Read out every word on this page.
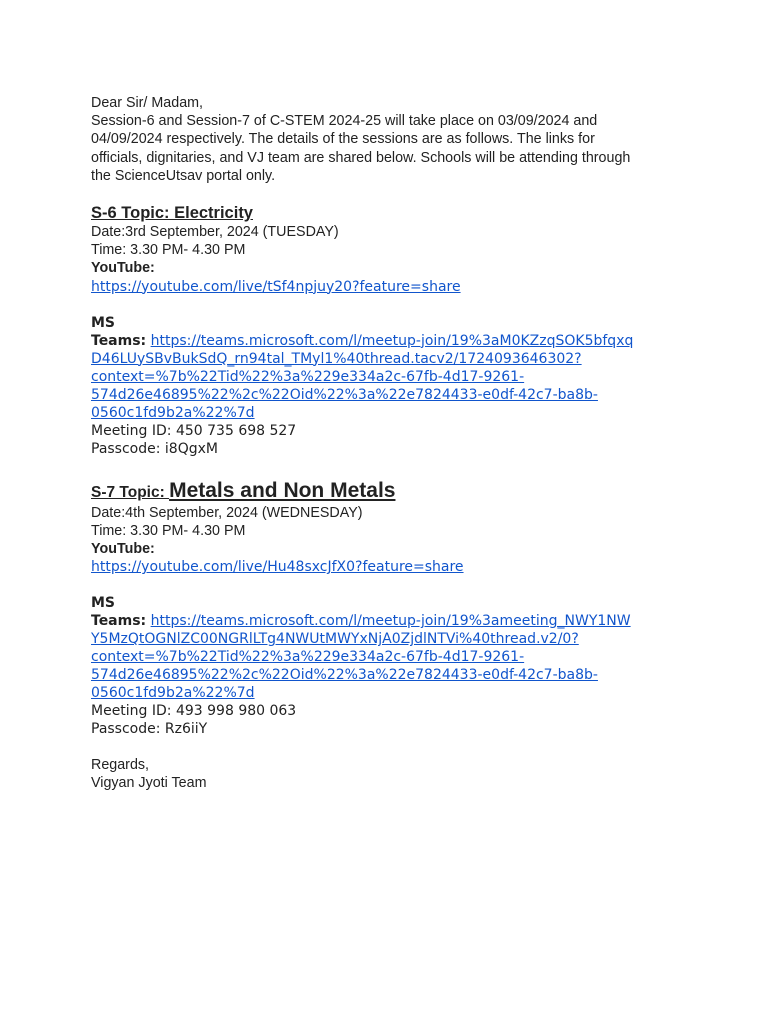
Dear Sir/ Madam,
Session-6 and Session-7 of C-STEM 2024-25 will take place on 03/09/2024 and
04/09/2024 respectively. The details of the sessions are as follows. The links for
officials, dignitaries, and VJ team are shared below. Schools will be attending through
the ScienceUtsav portal only.
S-6 Topic: Electricity
Date:3rd September, 2024 (TUESDAY)
Time: 3.30 PM- 4.30 PM
YouTube:
https://youtube.com/live/tSf4npjuy20?feature=share
MS
Teams: https://teams.microsoft.com/l/meetup-join/19%3aM0KZzqSOK5bfqxq
D46LUySBvBukSdQ_rn94tal_TMyl1%40thread.tacv2/1724093646302?
context=%7b%22Tid%22%3a%229e334a2c-67fb-4d17-9261-
574d26e46895%22%2c%22Oid%22%3a%22e7824433-e0df-42c7-ba8b-
0560c1fd9b2a%22%7d
Meeting ID: 450 735 698 527
Passcode: i8QgxM
S-7 Topic: Metals and Non Metals
Date:4th September, 2024 (WEDNESDAY)
Time: 3.30 PM- 4.30 PM
YouTube:
https://youtube.com/live/Hu48sxcJfX0?feature=share
MS
Teams: https://teams.microsoft.com/l/meetup-join/19%3ameeting_NWY1NW
Y5MzQtOGNlZC00NGRlLTg4NWUtMWYxNjA0ZjdlNTVi%40thread.v2/0?
context=%7b%22Tid%22%3a%229e334a2c-67fb-4d17-9261-
574d26e46895%22%2c%22Oid%22%3a%22e7824433-e0df-42c7-ba8b-
0560c1fd9b2a%22%7d
Meeting ID: 493 998 980 063
Passcode: Rz6iiY
Regards,
Vigyan Jyoti Team
